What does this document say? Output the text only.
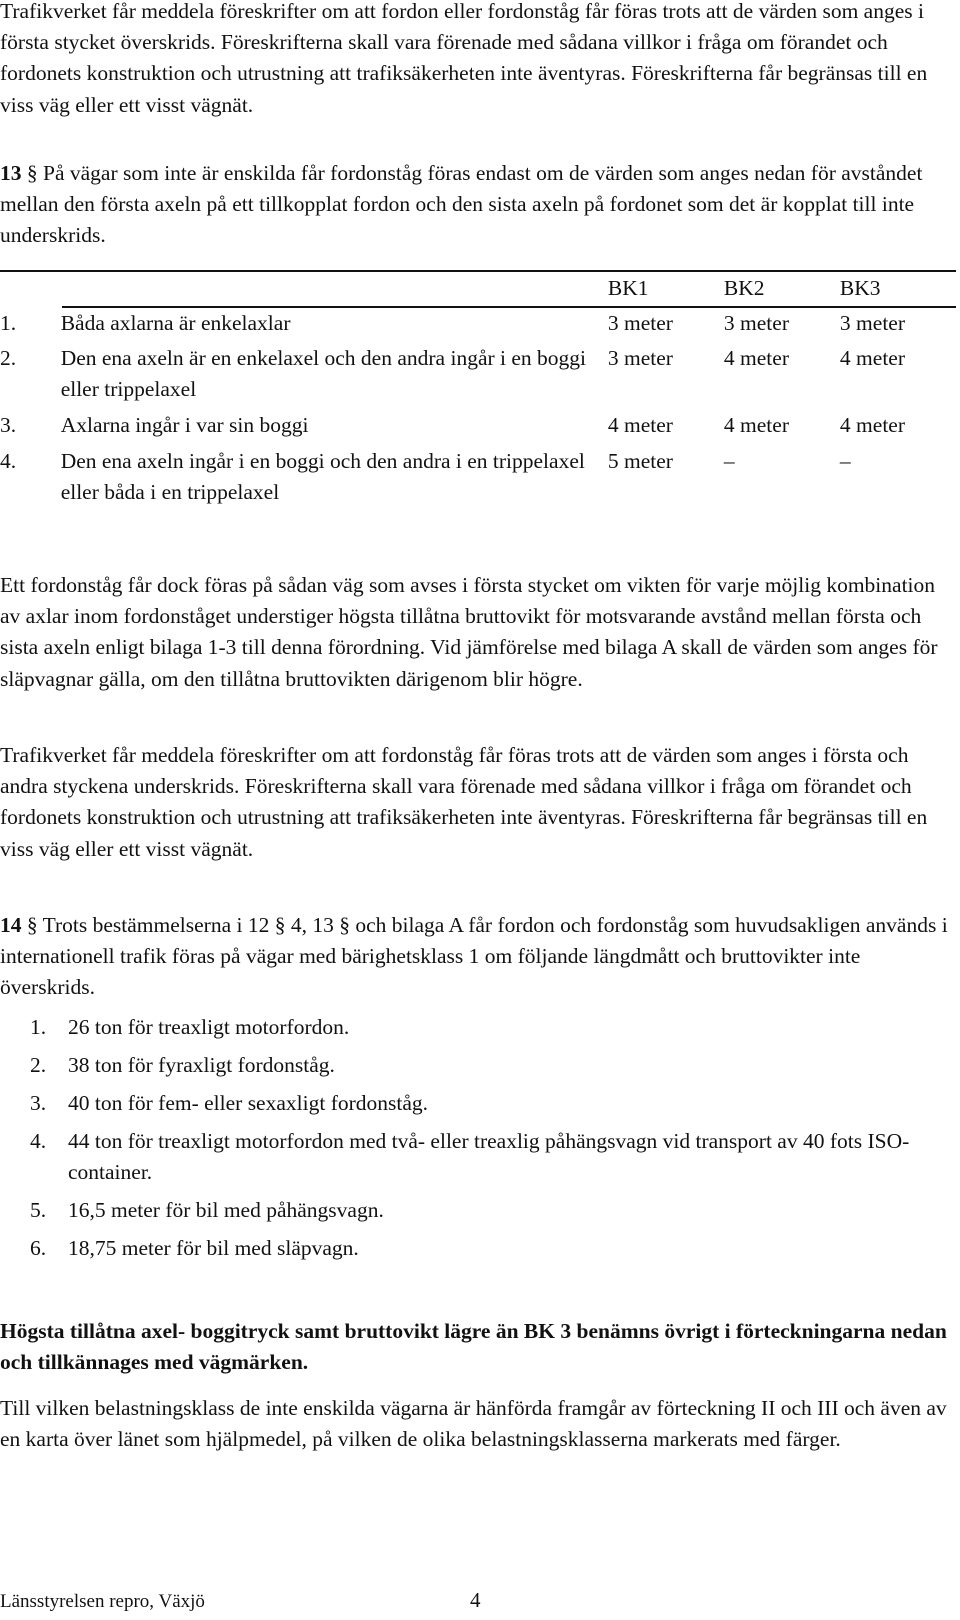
Trafikverket får meddela föreskrifter om att fordon eller fordonståg får föras trots att de värden som anges i första stycket överskrids. Föreskrifterna skall vara förenade med sådana villkor i fråga om förandet och fordonets konstruktion och utrustning att trafiksäkerheten inte äventyras. Föreskrifterna får begränsas till en viss väg eller ett visst vägnät.

13 § På vägar som inte är enskilda får fordonståg föras endast om de värden som anges nedan för avståndet mellan den första axeln på ett tillkopplat fordon och den sista axeln på fordonet som det är kopplat till inte underskrids.

		BK1	BK2	BK3
1.	Båda axlarna är enkelaxlar	3 meter	3 meter	3 meter
2.	Den ena axeln är en enkelaxel och den andra ingår i en boggi eller trippelaxel	3 meter	4 meter	4 meter
3.	Axlarna ingår i var sin boggi	4 meter	4 meter	4 meter
4.	Den ena axeln ingår i en boggi och den andra i en trippelaxel eller båda i en trippelaxel	5 meter	–	–

Ett fordonståg får dock föras på sådan väg som avses i första stycket om vikten för varje möjlig kombination av axlar inom fordonståget understiger högsta tillåtna bruttovikt för motsvarande avstånd mellan första och sista axeln enligt bilaga 1-3 till denna förordning. Vid jämförelse med bilaga A skall de värden som anges för släpvagnar gälla, om den tillåtna bruttovikten därigenom blir högre.

Trafikverket får meddela föreskrifter om att fordonståg får föras trots att de värden som anges i första och andra styckena underskrids. Föreskrifterna skall vara förenade med sådana villkor i fråga om förandet och fordonets konstruktion och utrustning att trafiksäkerheten inte äventyras. Föreskrifterna får begränsas till en viss väg eller ett visst vägnät.

14 § Trots bestämmelserna i 12 § 4, 13 § och bilaga A får fordon och fordonståg som huvudsakligen används i internationell trafik föras på vägar med bärighetsklass 1 om följande längdmått och bruttovikter inte överskrids.

1.	26 ton för treaxligt motorfordon.
2.	38 ton för fyraxligt fordonståg.
3.	40 ton för fem- eller sexaxligt fordonståg.
4.	44 ton för treaxligt motorfordon med två- eller treaxlig påhängsvagn vid transport av 40 fots ISO-container.
5.	16,5 meter för bil med påhängsvagn.
6.	18,75 meter för bil med släpvagn.

Högsta tillåtna axel- boggitryck samt bruttovikt lägre än BK 3 benämns övrigt i förteckningarna nedan och tillkännages med vägmärken.

Till vilken belastningsklass de inte enskilda vägarna är hänförda framgår av förteckning II och III och även av en karta över länet som hjälpmedel, på vilken de olika belastningsklasserna markerats med färger.

Länsstyrelsen repro, Växjö	4
